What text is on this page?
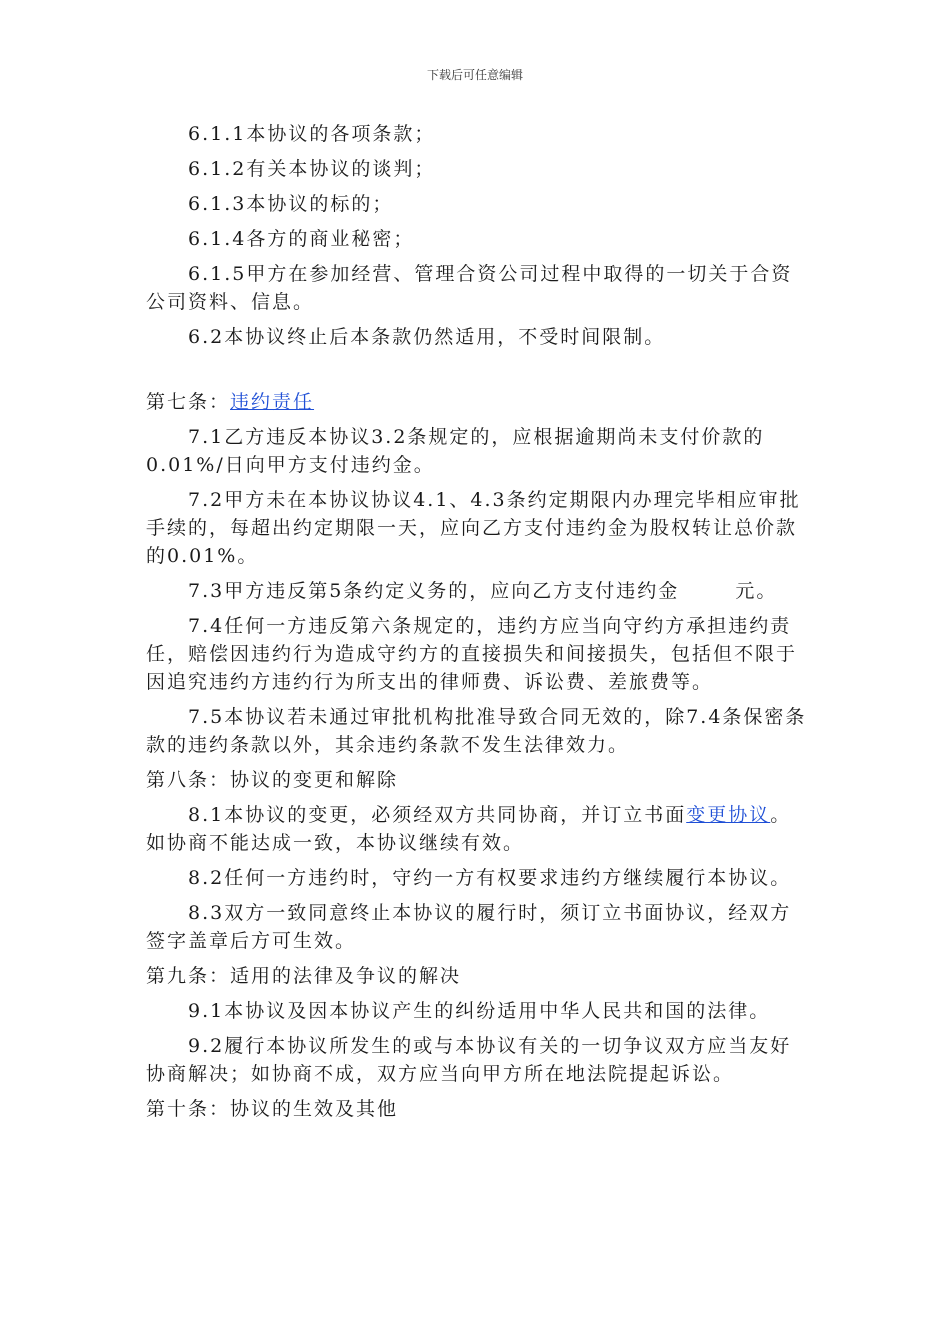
下载后可任意编辑

6.1.1本协议的各项条款；

6.1.2有关本协议的谈判；

6.1.3本协议的标的；

6.1.4各方的商业秘密；

6.1.5甲方在参加经营、管理合资公司过程中取得的一切关于合资公司资料、信息。

6.2本协议终止后本条款仍然适用，不受时间限制。

第七条：违约责任

7.1乙方违反本协议3.2条规定的，应根据逾期尚未支付价款的0.01%/日向甲方支付违约金。

7.2甲方未在本协议协议4.1、4.3条约定期限内办理完毕相应审批手续的，每超出约定期限一天，应向乙方支付违约金为股权转让总价款的0.01%。

7.3甲方违反第5条约定义务的，应向乙方支付违约金	元。

7.4任何一方违反第六条规定的，违约方应当向守约方承担违约责任，赔偿因违约行为造成守约方的直接损失和间接损失，包括但不限于因追究违约方违约行为所支出的律师费、诉讼费、差旅费等。

7.5本协议若未通过审批机构批准导致合同无效的，除7.4条保密条款的违约条款以外，其余违约条款不发生法律效力。

第八条：协议的变更和解除

8.1本协议的变更，必须经双方共同协商，并订立书面变更协议。如协商不能达成一致，本协议继续有效。

8.2任何一方违约时，守约一方有权要求违约方继续履行本协议。

8.3双方一致同意终止本协议的履行时，须订立书面协议，经双方签字盖章后方可生效。

第九条：适用的法律及争议的解决

9.1本协议及因本协议产生的纠纷适用中华人民共和国的法律。

9.2履行本协议所发生的或与本协议有关的一切争议双方应当友好协商解决；如协商不成，双方应当向甲方所在地法院提起诉讼。

第十条：协议的生效及其他
